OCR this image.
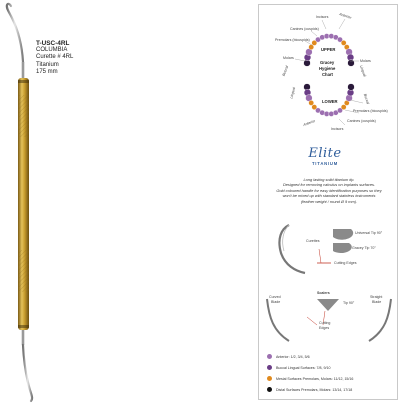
T-USC-4RL
COLUMBIA
Curette # 4RL
Titanium
175 mm
Incisors	Anterior
Canines (cuspids)
Premolars (bicuspids)
Molars
Molars
Buccal	Lingual
UPPER
Gracey
Hygiene
Chart
LOWER
Lingual	Buccal
Premolars (bicuspids)
Canines (cuspids)
Incisors
Anterior
Elite
TITANIUM
Long lasting solid titanium tip.
Designed for removing calculus on implants surfaces.
Gold coloured handle for easy identification purposes so they
won't be mixed up with standard stainless instruments
(feather weight / round Ø 9 mm).
Curettes
Universal Tip 90°
Gracey Tip 70°
Cutting Edges
Curved
Blade
Scalers
Straight
Blade
Tip 90°
Cutting
Edges
Anterior: 1/2, 3/4, 5/6
Buccal Lingual Surfaces: 7/8, 9/10
Mesial Surfaces Premolars, Molars: 11/12, 15/16
Distal Surfaces Premolars, Molars: 13/14, 17/18
